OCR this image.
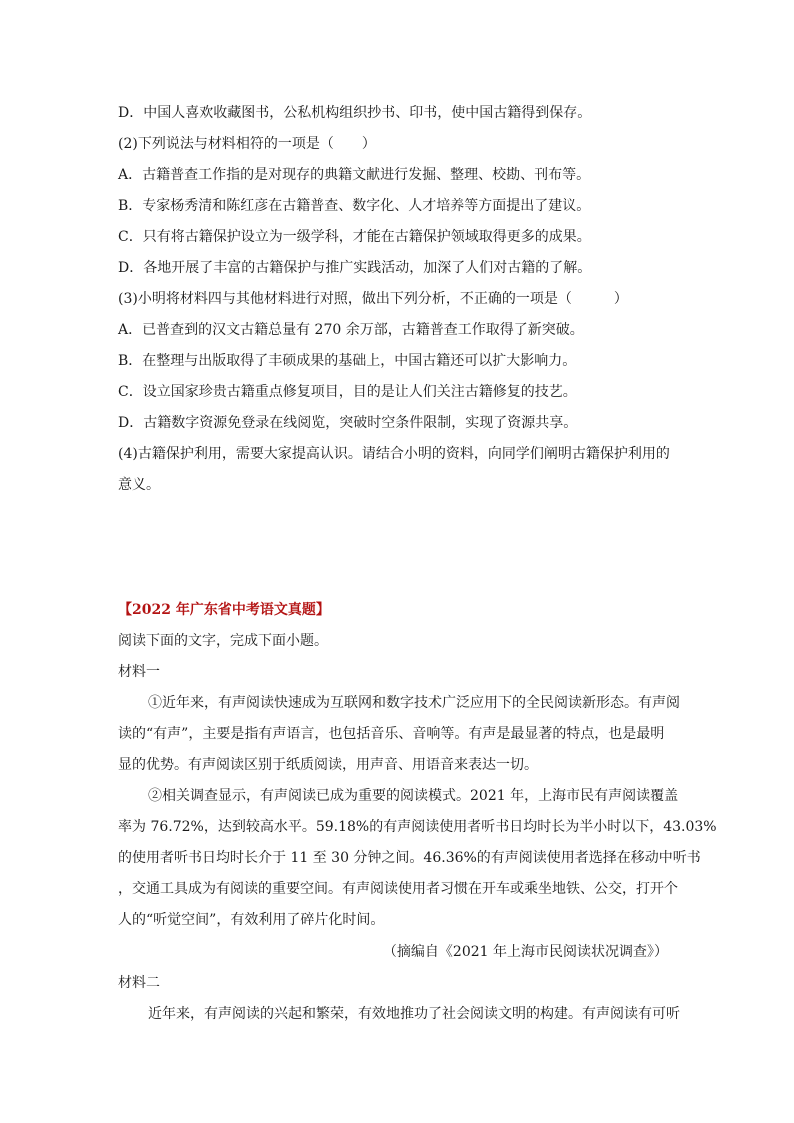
D．中国人喜欢收藏图书，公私机构组织抄书、印书，使中国古籍得到保存。
(2)下列说法与材料相符的一项是（　　）
A．古籍普查工作指的是对现存的典籍文献进行发掘、整理、校勘、刊布等。
B．专家杨秀清和陈红彦在古籍普查、数字化、人才培养等方面提出了建议。
C．只有将古籍保护设立为一级学科，才能在古籍保护领域取得更多的成果。
D．各地开展了丰富的古籍保护与推广实践活动，加深了人们对古籍的了解。
(3)小明将材料四与其他材料进行对照，做出下列分析，不正确的一项是（　　　）
A．已普查到的汉文古籍总量有 270 余万部，古籍普查工作取得了新突破。
B．在整理与出版取得了丰硕成果的基础上，中国古籍还可以扩大影响力。
C．设立国家珍贵古籍重点修复项目，目的是让人们关注古籍修复的技艺。
D．古籍数字资源免登录在线阅览，突破时空条件限制，实现了资源共享。
(4)古籍保护利用，需要大家提高认识。请结合小明的资料，向同学们阐明古籍保护利用的
意义。
【2022 年广东省中考语文真题】
阅读下面的文字，完成下面小题。
材料一
①近年来，有声阅读快速成为互联网和数字技术广泛应用下的全民阅读新形态。有声阅
读的“有声”，主要是指有声语言，也包括音乐、音响等。有声是最显著的特点，也是最明
显的优势。有声阅读区别于纸质阅读，用声音、用语音来表达一切。
②相关调查显示，有声阅读已成为重要的阅读模式。2021 年，上海市民有声阅读覆盖
率为 76.72%，达到较高水平。59.18%的有声阅读使用者听书日均时长为半小时以下，43.03%
的使用者听书日均时长介于 11 至 30 分钟之间。46.36%的有声阅读使用者选择在移动中听书
，交通工具成为有阅读的重要空间。有声阅读使用者习惯在开车或乘坐地铁、公交，打开个
人的“听觉空间”，有效利用了碎片化时间。
（摘编自《2021 年上海市民阅读状况调查》）
材料二
近年来，有声阅读的兴起和繁荣，有效地推功了社会阅读文明的构建。有声阅读有可听
